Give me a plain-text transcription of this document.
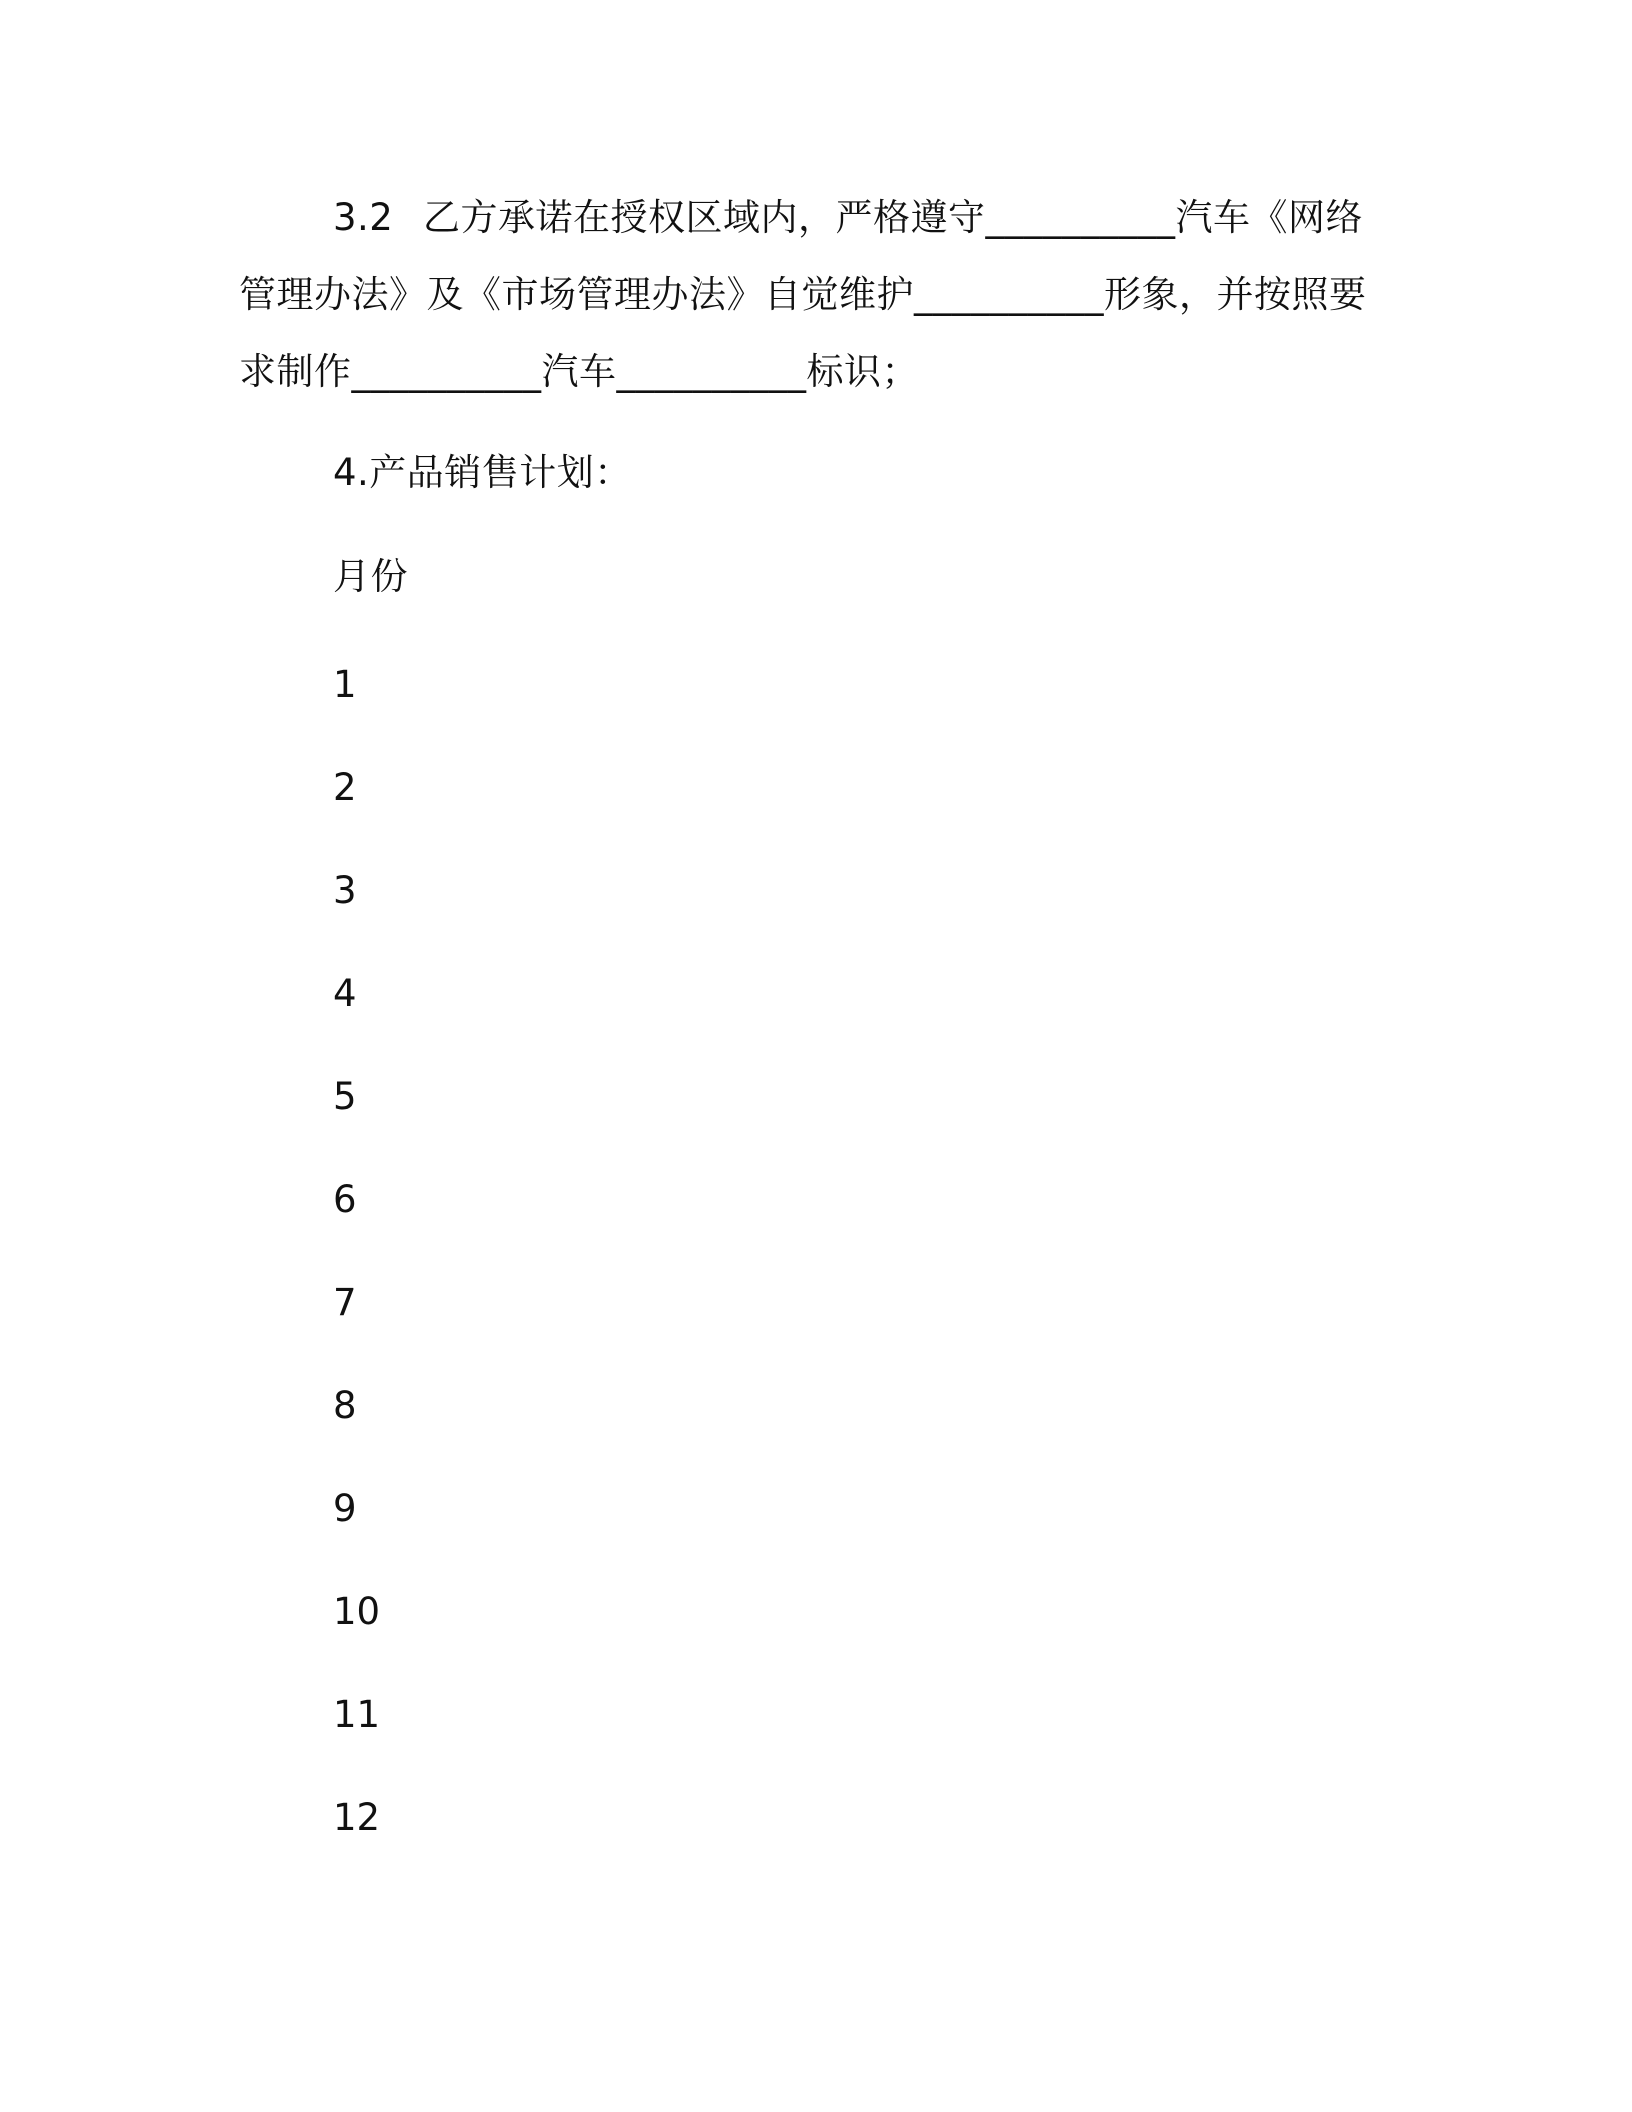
3.2 乙方承诺在授权区域内，严格遵守__________汽车《网络
管理办法》及《市场管理办法》自觉维护__________形象，并按照要
求制作__________汽车__________标识；
4.产品销售计划：
月份
1
2
3
4
5
6
7
8
9
10
11
12
